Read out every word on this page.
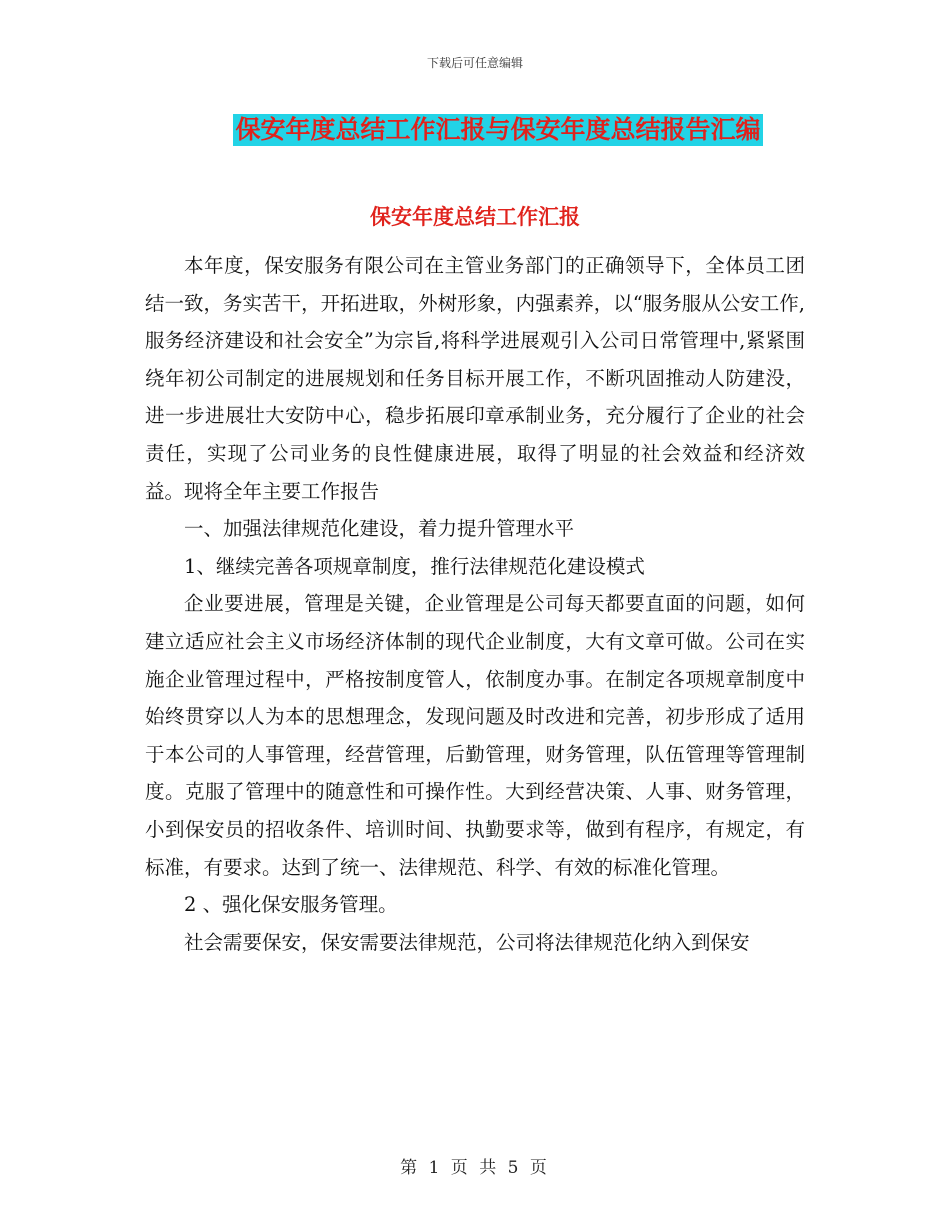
下载后可任意编辑
保安年度总结工作汇报与保安年度总结报告汇编
保安年度总结工作汇报

本年度，保安服务有限公司在主管业务部门的正确领导下，全体员工团结一致，务实苦干，开拓进取，外树形象，内强素养，以“服务服从公安工作,服务经济建设和社会安全”为宗旨,将科学进展观引入公司日常管理中,紧紧围绕年初公司制定的进展规划和任务目标开展工作，不断巩固推动人防建没，进一步进展壮大安防中心，稳步拓展印章承制业务，充分履行了企业的社会责任，实现了公司业务的良性健康进展，取得了明显的社会效益和经济效益。现将全年主要工作报告

一、加强法律规范化建设，着力提升管理水平

1、继续完善各项规章制度，推行法律规范化建设模式

企业要进展，管理是关键，企业管理是公司每天都要直面的问题，如何建立适应社会主义市场经济体制的现代企业制度，大有文章可做。公司在实施企业管理过程中，严格按制度管人，依制度办事。在制定各项规章制度中始终贯穿以人为本的思想理念，发现问题及时改进和完善，初步形成了适用于本公司的人事管理，经营管理，后勤管理，财务管理，队伍管理等管理制度。克服了管理中的随意性和可操作性。大到经营决策、人事、财务管理，小到保安员的招收条件、培训时间、执勤要求等，做到有程序，有规定，有标准，有要求。达到了统一、法律规范、科学、有效的标准化管理。

2 、强化保安服务管理。

社会需要保安，保安需要法律规范，公司将法律规范化纳入到保安

第 1 页 共 5 页
